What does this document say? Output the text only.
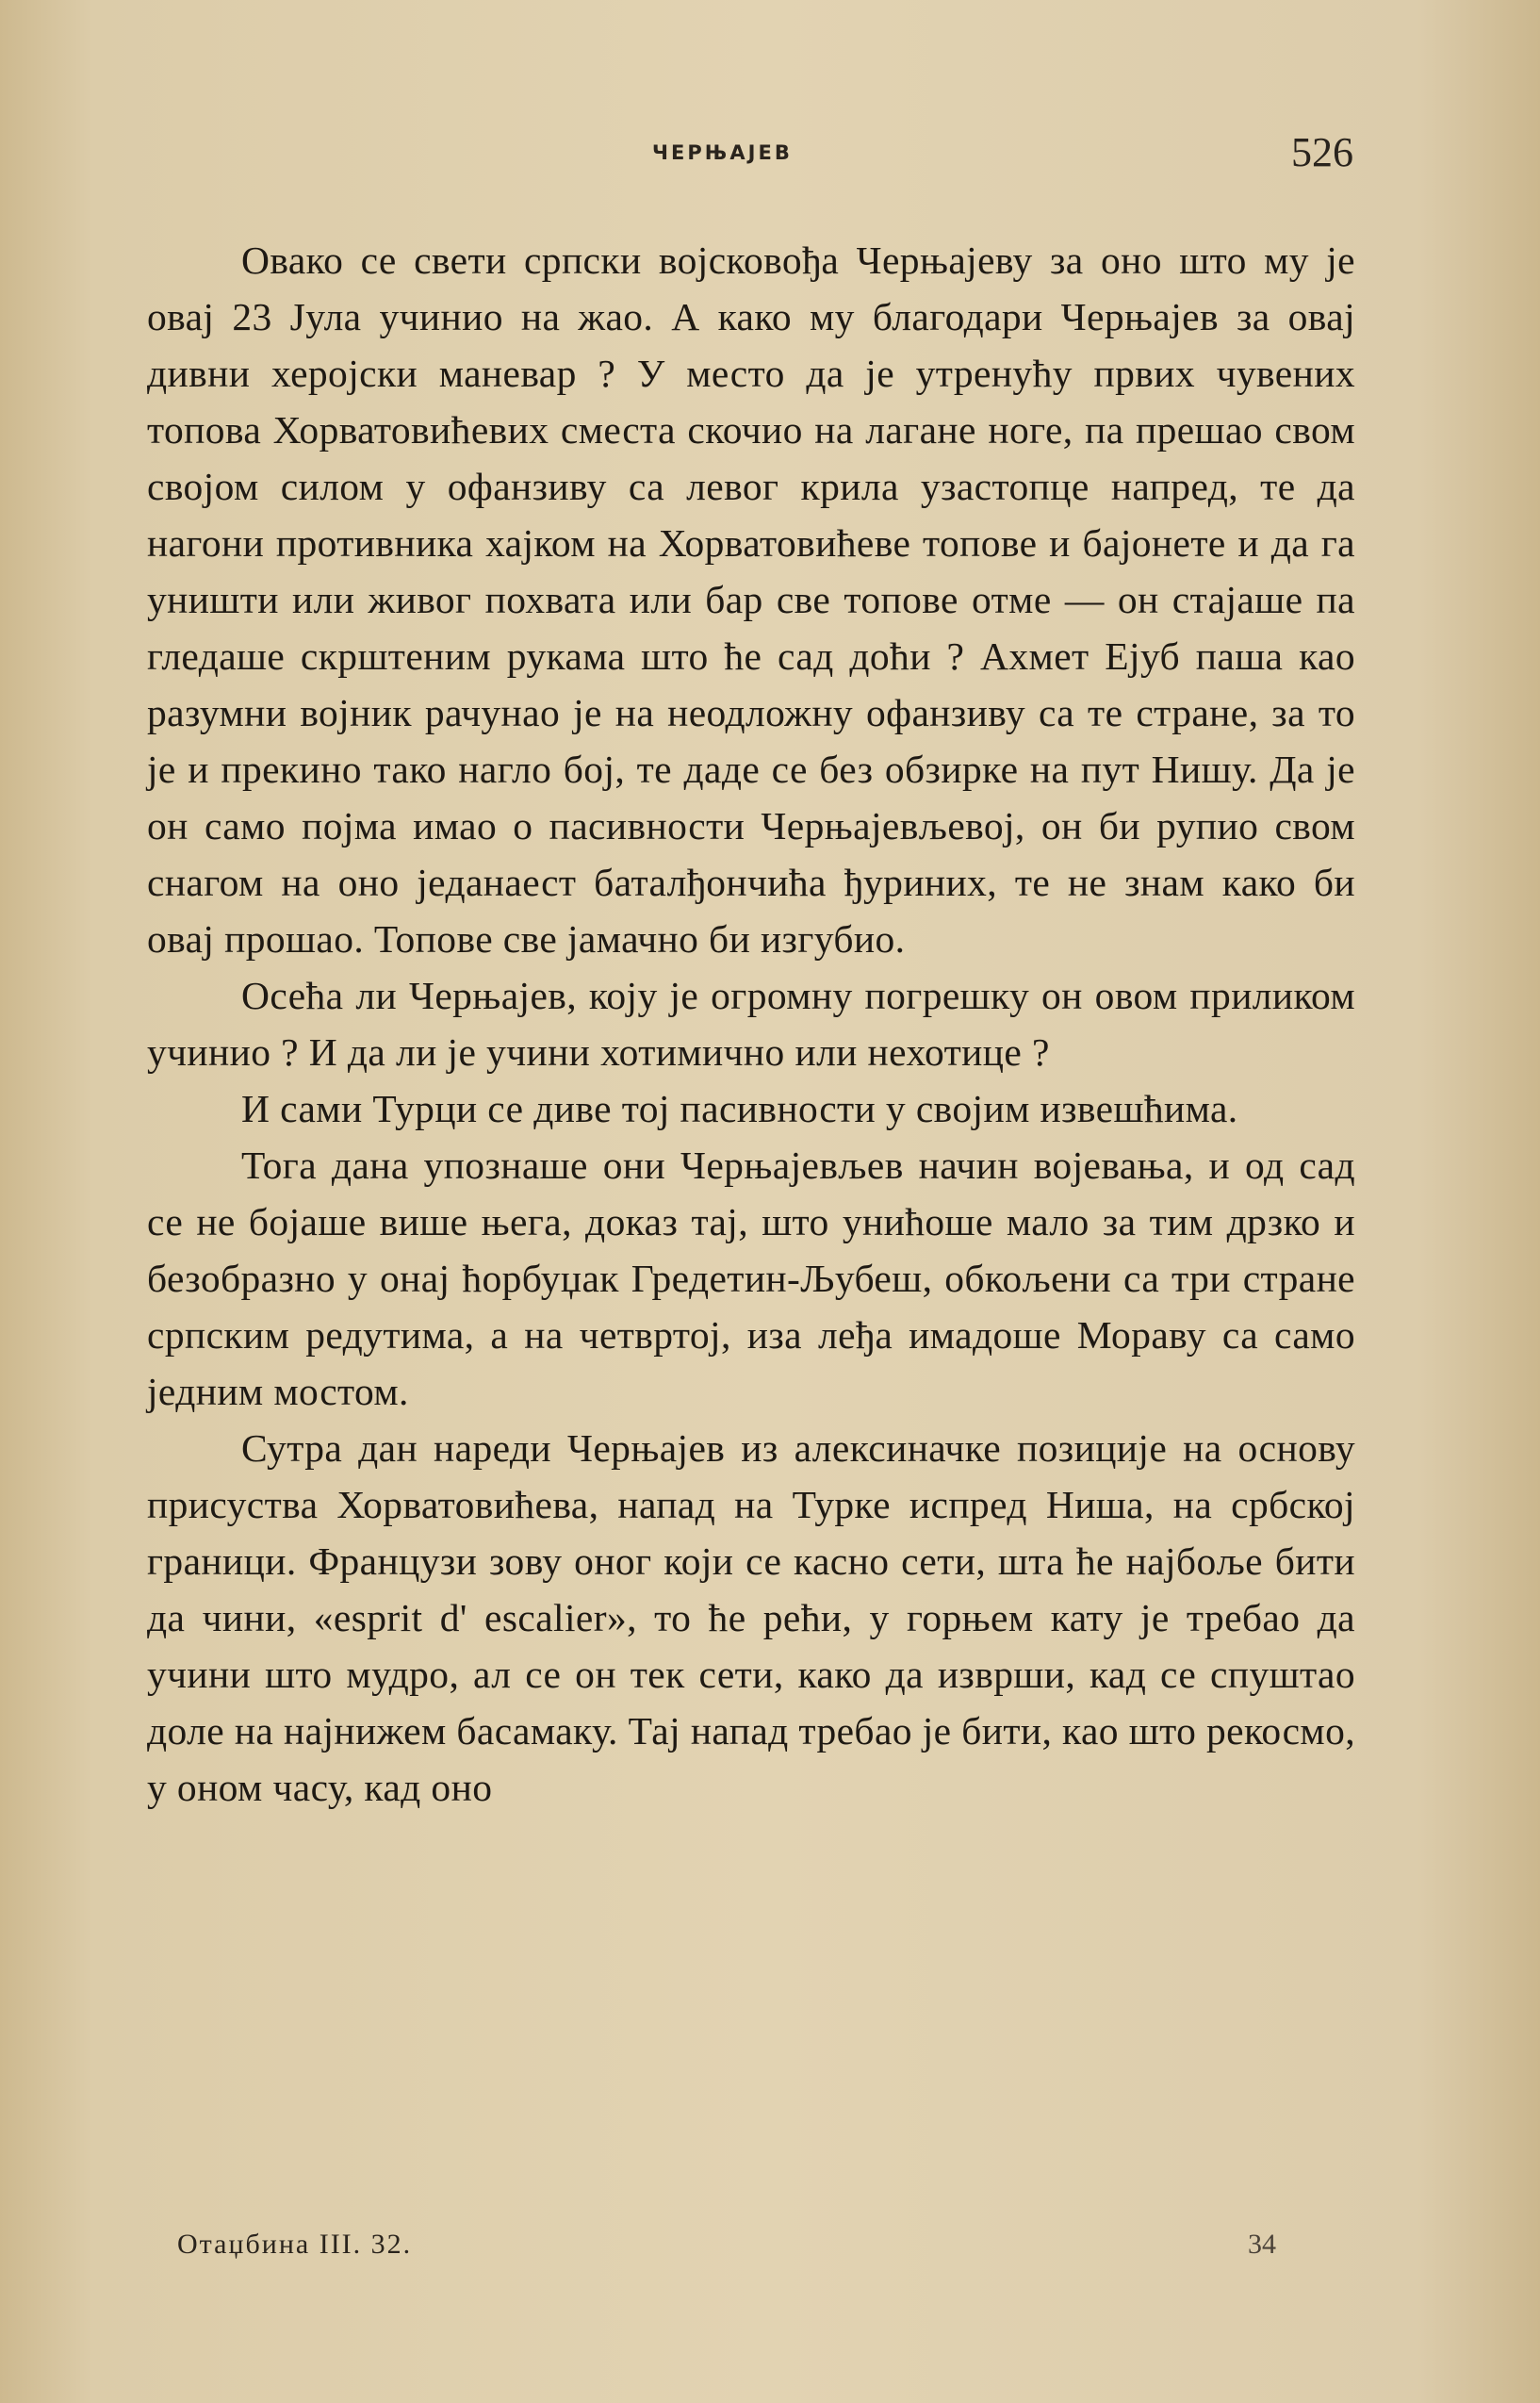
ЧЕРЊАЈЕВ	526

Овако се свети српски војсковођа Черњајеву за оно што му је овај 23 Јула учинио на жао. А како му благодари Черњајев за овај дивни херојски маневар ? У место да је утренућу првих чувених топова Хорватовићевих сместа скочио на лагане ноге, па прешао свом својом силом у офанзиву са левог крила узастопце напред, те да нагони противника хајком на Хорватовићеве топове и бајонете и да га уништи или живог похвата или бар све топове отме — он стајаше па гледаше скрштеним рукама што ће сад доћи ? Ахмет Ејуб паша као разумни војник рачунао је на неодложну офанзиву са те стране, за то је и прекино тако нагло бој, те даде се без обзирке на пут Нишу. Да је он само појма имао о пасивности Черњајевљевој, он би рупио свом снагом на оно једанаест баталђончића ђуриних, те не знам како би овај прошао. Топове све јамачно би изгубио.

Осећа ли Черњајев, коју је огромну погрешку он овом приликом учинио ? И да ли је учини хотимично или нехотице ?

И сами Турци се диве тој пасивности у својим извешћима.

Тога дана упознаше они Черњајевљев начин војевања, и од сад се не бојаше више њега, доказ тај, што унићоше мало за тим дрзко и безобразно у онај ћорбуџак Гредетин-Љубеш, обкољени са три стране српским редутима, а на четвртој, иза леђа имадоше Мораву са само једним мостом.

Сутра дан нареди Черњајев из алексиначке позиције на основу присуства Хорватовићева, напад на Турке испред Ниша, на србској граници. Французи зову оног који се касно сети, шта ће најбоље бити да чини, «esprit d' escalier», то ће рећи, у горњем кату је требао да учини што мудро, ал се он тек сети, како да изврши, кад се спуштао доле на најнижем басамаку. Тај напад требао је бити, као што рекосмо, у оном часу, кад оно

Отаџбина III. 32.	34
